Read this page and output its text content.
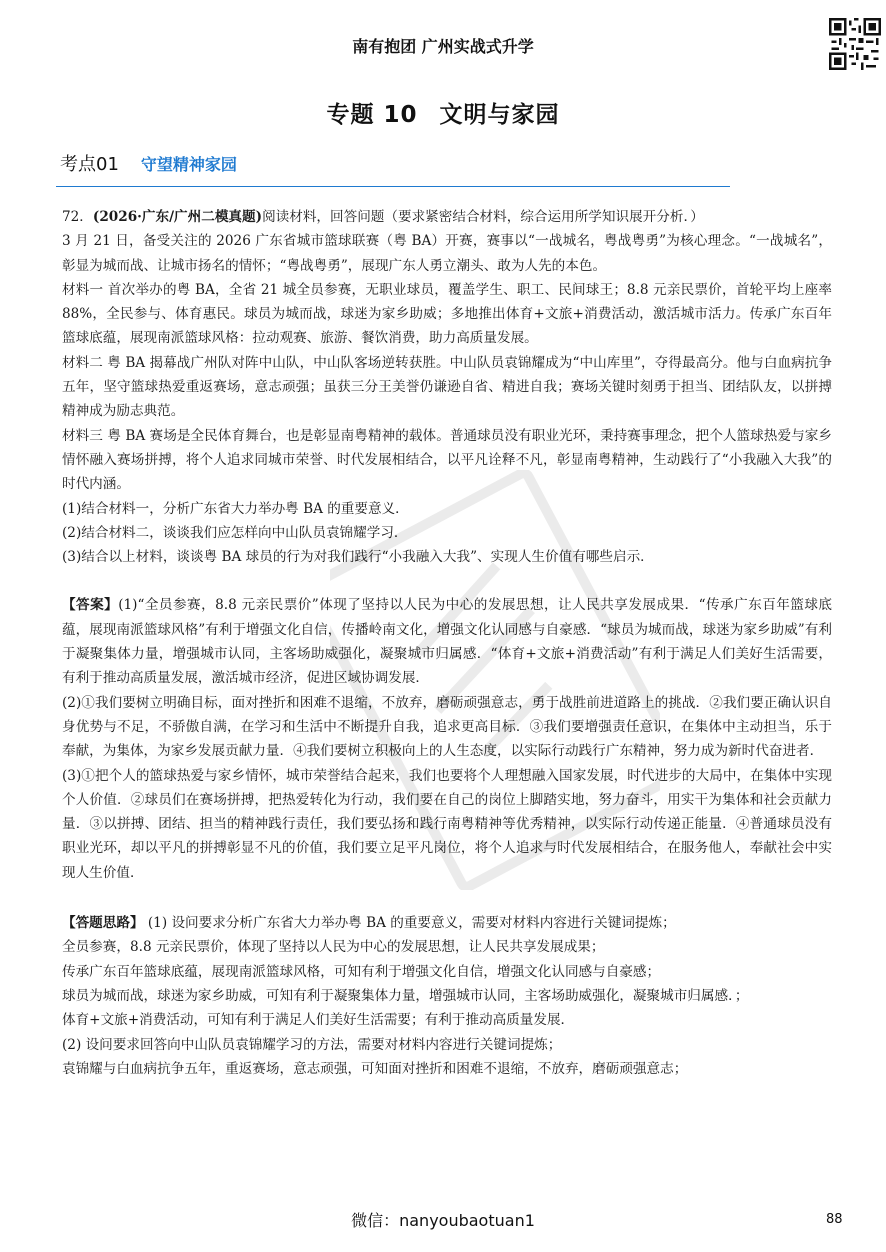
南有抱团 广州实战式升学
专题 10 文明与家园
考点01 守望精神家园

72．(2026·广东/广州二模真题)阅读材料，回答问题（要求紧密结合材料，综合运用所学知识展开分析．）

3 月 21 日，备受关注的 2026 广东省城市篮球联赛（粤 BA）开赛，赛事以“一战城名，粤战粤勇”为核心理念。“一战城名”，彰显为城而战、让城市扬名的情怀；“粤战粤勇”，展现广东人勇立潮头、敢为人先的本色。

材料一 首次举办的粤 BA，全省 21 城全员参赛，无职业球员，覆盖学生、职工、民间球王；8.8 元亲民票价，首轮平均上座率 88%，全民参与、体育惠民。球员为城而战，球迷为家乡助威；多地推出体育+文旅+消费活动，激活城市活力。传承广东百年篮球底蕴，展现南派篮球风格：拉动观赛、旅游、餐饮消费，助力高质量发展。

材料二 粤 BA 揭幕战广州队对阵中山队，中山队客场逆转获胜。中山队员袁锦耀成为“中山库里”，夺得最高分。他与白血病抗争五年，坚守篮球热爱重返赛场，意志顽强；虽获三分王美誉仍谦逊自省、精进自我；赛场关键时刻勇于担当、团结队友，以拼搏精神成为励志典范。

材料三 粤 BA 赛场是全民体育舞台，也是彰显南粤精神的载体。普通球员没有职业光环，秉持赛事理念，把个人篮球热爱与家乡情怀融入赛场拼搏，将个人追求同城市荣誉、时代发展相结合，以平凡诠释不凡，彰显南粤精神，生动践行了“小我融入大我”的时代内涵。

(1)结合材料一，分析广东省大力举办粤 BA 的重要意义．

(2)结合材料二，谈谈我们应怎样向中山队员袁锦耀学习．

(3)结合以上材料，谈谈粤 BA 球员的行为对我们践行“小我融入大我”、实现人生价值有哪些启示．

【答案】(1)“全员参赛，8.8 元亲民票价”体现了坚持以人民为中心的发展思想，让人民共享发展成果．“传承广东百年篮球底蕴，展现南派篮球风格”有利于增强文化自信，传播岭南文化，增强文化认同感与自豪感．“球员为城而战，球迷为家乡助威”有利于凝聚集体力量，增强城市认同，主客场助威强化，凝聚城市归属感．“体育+文旅+消费活动”有利于满足人们美好生活需要，有利于推动高质量发展，激活城市经济，促进区域协调发展．

(2)①我们要树立明确目标，面对挫折和困难不退缩，不放弃，磨砺顽强意志，勇于战胜前进道路上的挑战．②我们要正确认识自身优势与不足，不骄傲自满，在学习和生活中不断提升自我，追求更高目标．③我们要增强责任意识，在集体中主动担当，乐于奉献，为集体，为家乡发展贡献力量．④我们要树立积极向上的人生态度，以实际行动践行广东精神，努力成为新时代奋进者．

(3)①把个人的篮球热爱与家乡情怀，城市荣誉结合起来，我们也要将个人理想融入国家发展，时代进步的大局中，在集体中实现个人价值．②球员们在赛场拼搏，把热爱转化为行动，我们要在自己的岗位上脚踏实地，努力奋斗，用实干为集体和社会贡献力量．③以拼搏、团结、担当的精神践行责任，我们要弘扬和践行南粤精神等优秀精神，以实际行动传递正能量．④普通球员没有职业光环，却以平凡的拼搏彰显不凡的价值，我们要立足平凡岗位，将个人追求与时代发展相结合，在服务他人，奉献社会中实现人生价值．

【答题思路】 (1) 设问要求分析广东省大力举办粤 BA 的重要意义，需要对材料内容进行关键词提炼；

全员参赛，8.8 元亲民票价，体现了坚持以人民为中心的发展思想，让人民共享发展成果；

传承广东百年篮球底蕴，展现南派篮球风格，可知有利于增强文化自信，增强文化认同感与自豪感；

球员为城而战，球迷为家乡助威，可知有利于凝聚集体力量，增强城市认同，主客场助威强化，凝聚城市归属感．；

体育+文旅+消费活动，可知有利于满足人们美好生活需要；有利于推动高质量发展．

(2) 设问要求回答向中山队员袁锦耀学习的方法，需要对材料内容进行关键词提炼；

袁锦耀与白血病抗争五年，重返赛场，意志顽强，可知面对挫折和困难不退缩，不放弃，磨砺顽强意志；

微信：nanyoubaotuan1	88
